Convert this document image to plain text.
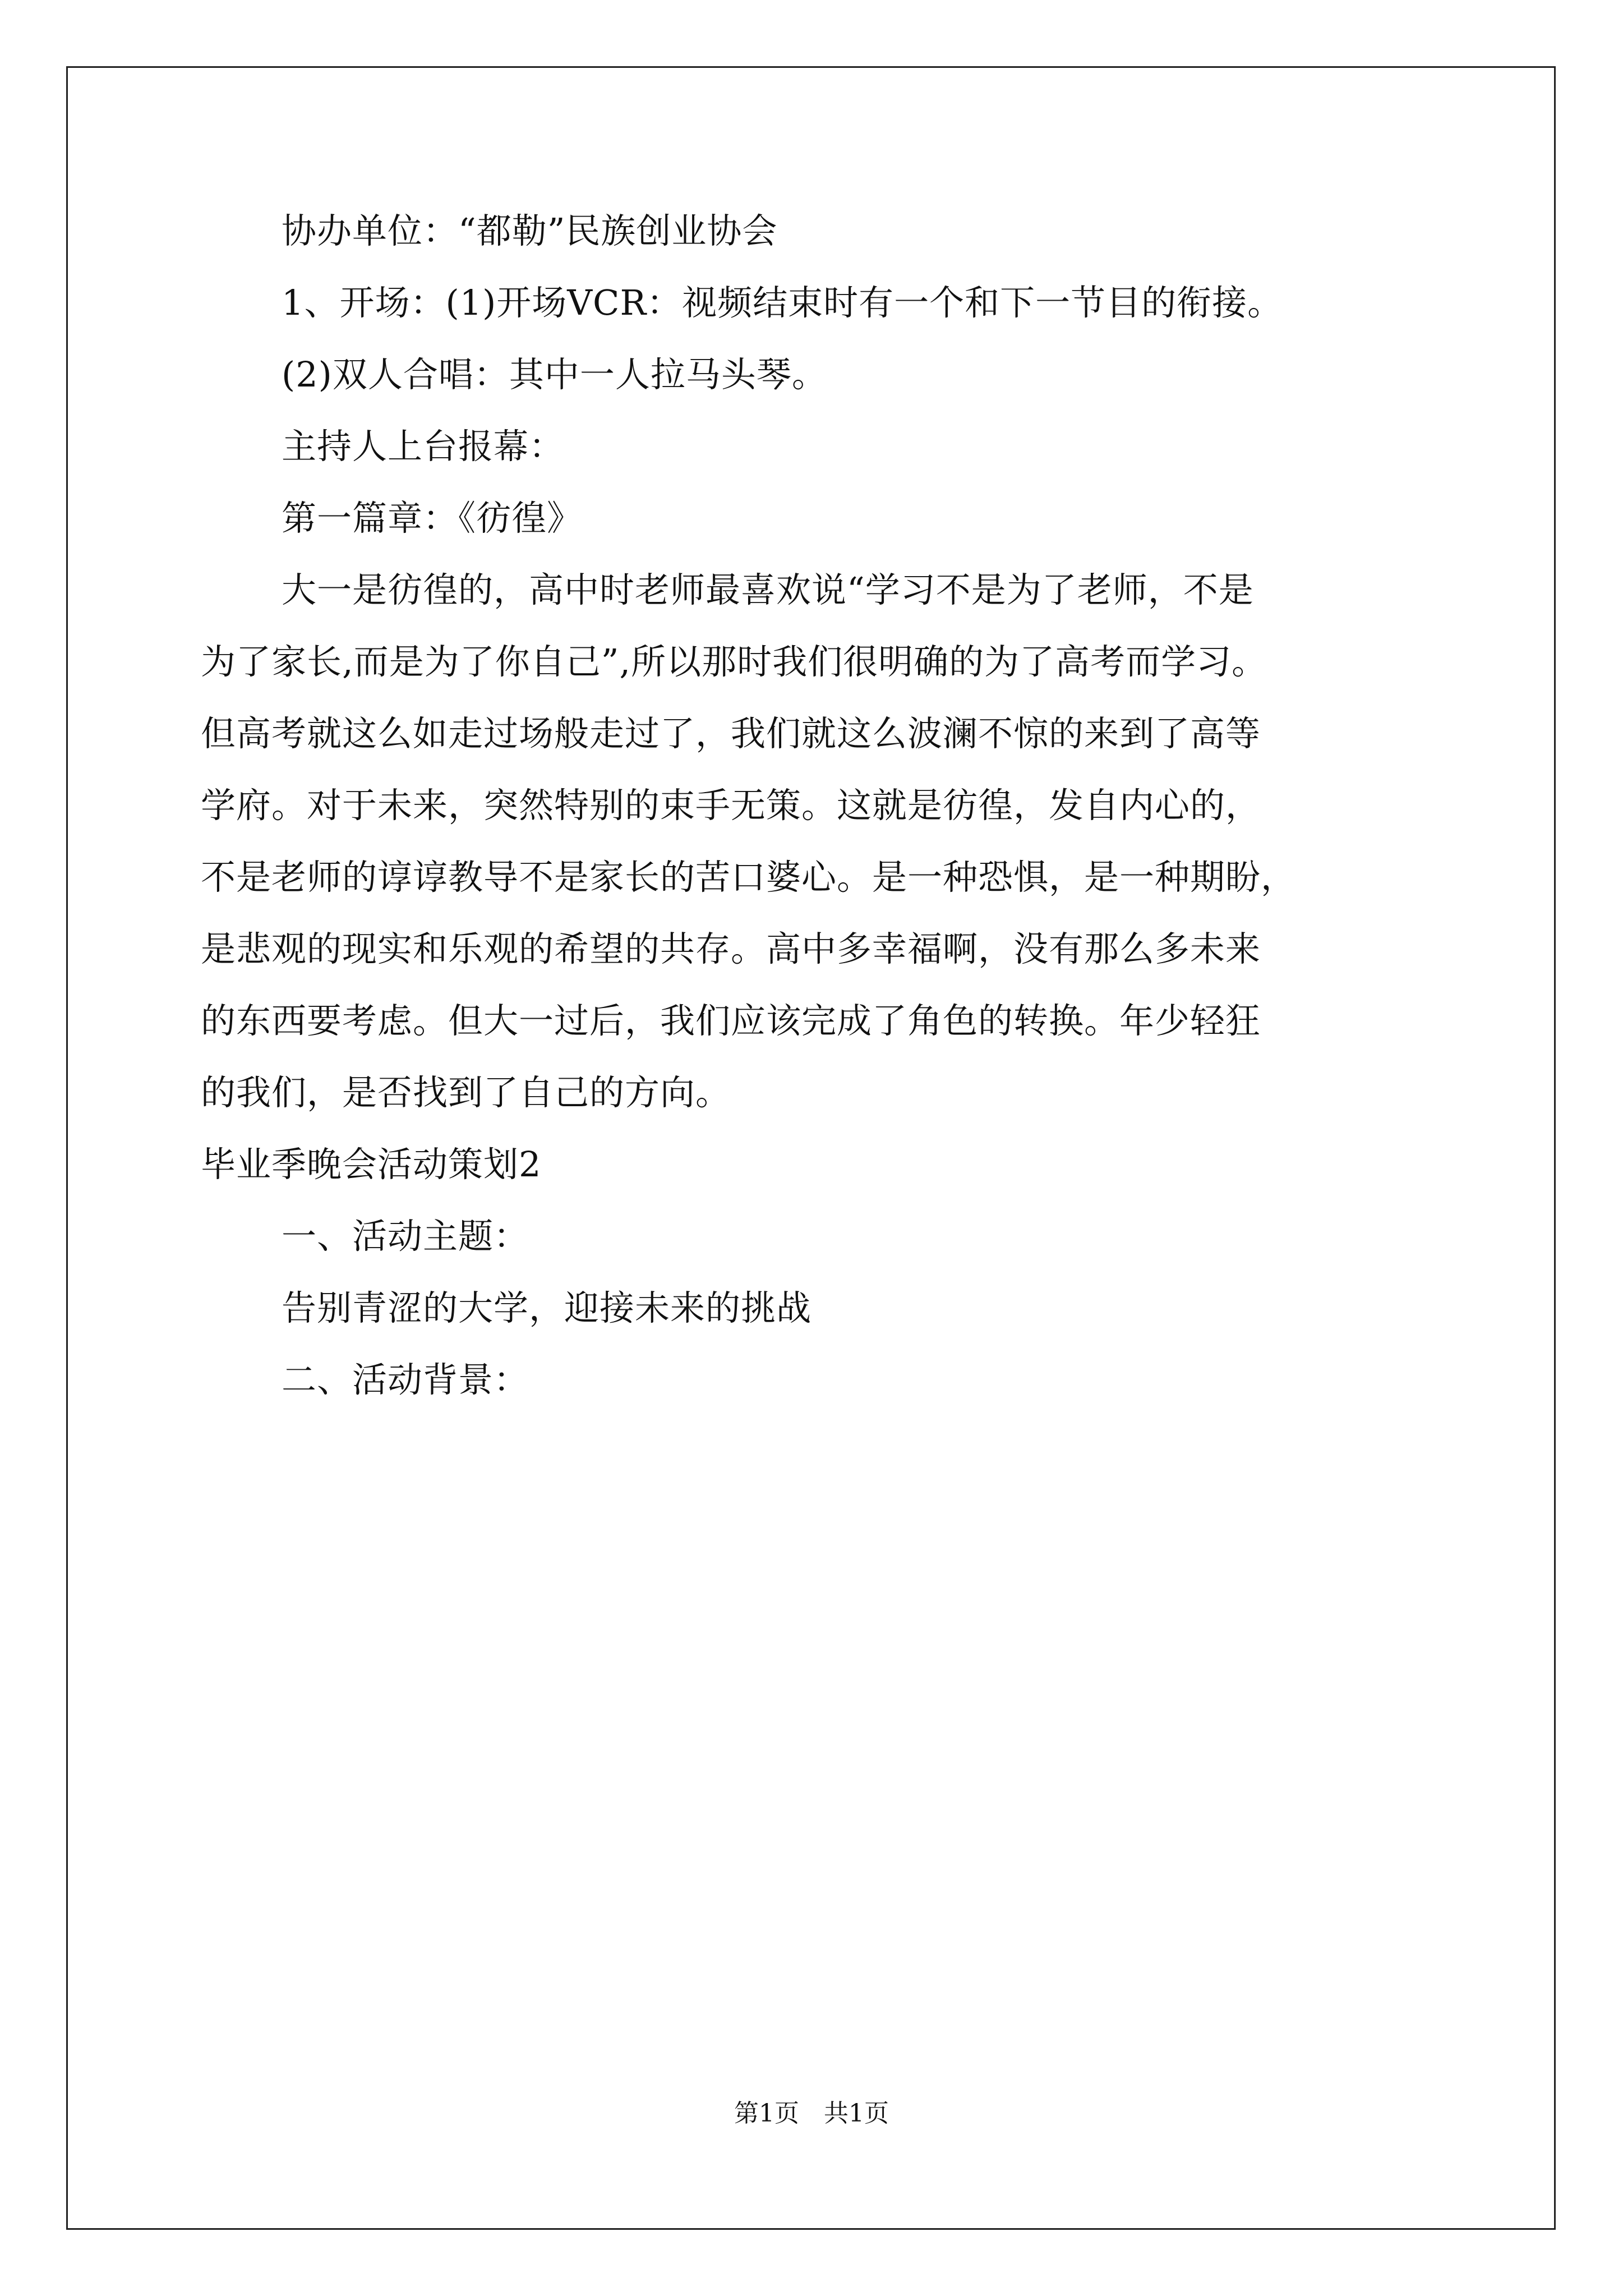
协办单位：“都勒”民族创业协会
1、开场：(1)开场VCR：视频结束时有一个和下一节目的衔接。
(2)双人合唱：其中一人拉马头琴。
主持人上台报幕：
第一篇章：《彷徨》
大一是彷徨的，高中时老师最喜欢说“学习不是为了老师，不是
为了家长,而是为了你自己”,所以那时我们很明确的为了高考而学习。
但高考就这么如走过场般走过了，我们就这么波澜不惊的来到了高等
学府。对于未来，突然特别的束手无策。这就是彷徨，发自内心的，
不是老师的谆谆教导不是家长的苦口婆心。是一种恐惧，是一种期盼，
是悲观的现实和乐观的希望的共存。高中多幸福啊，没有那么多未来
的东西要考虑。但大一过后，我们应该完成了角色的转换。年少轻狂
的我们，是否找到了自己的方向。
毕业季晚会活动策划2
一、活动主题：
告别青涩的大学，迎接未来的挑战
二、活动背景：
第1页　共1页
